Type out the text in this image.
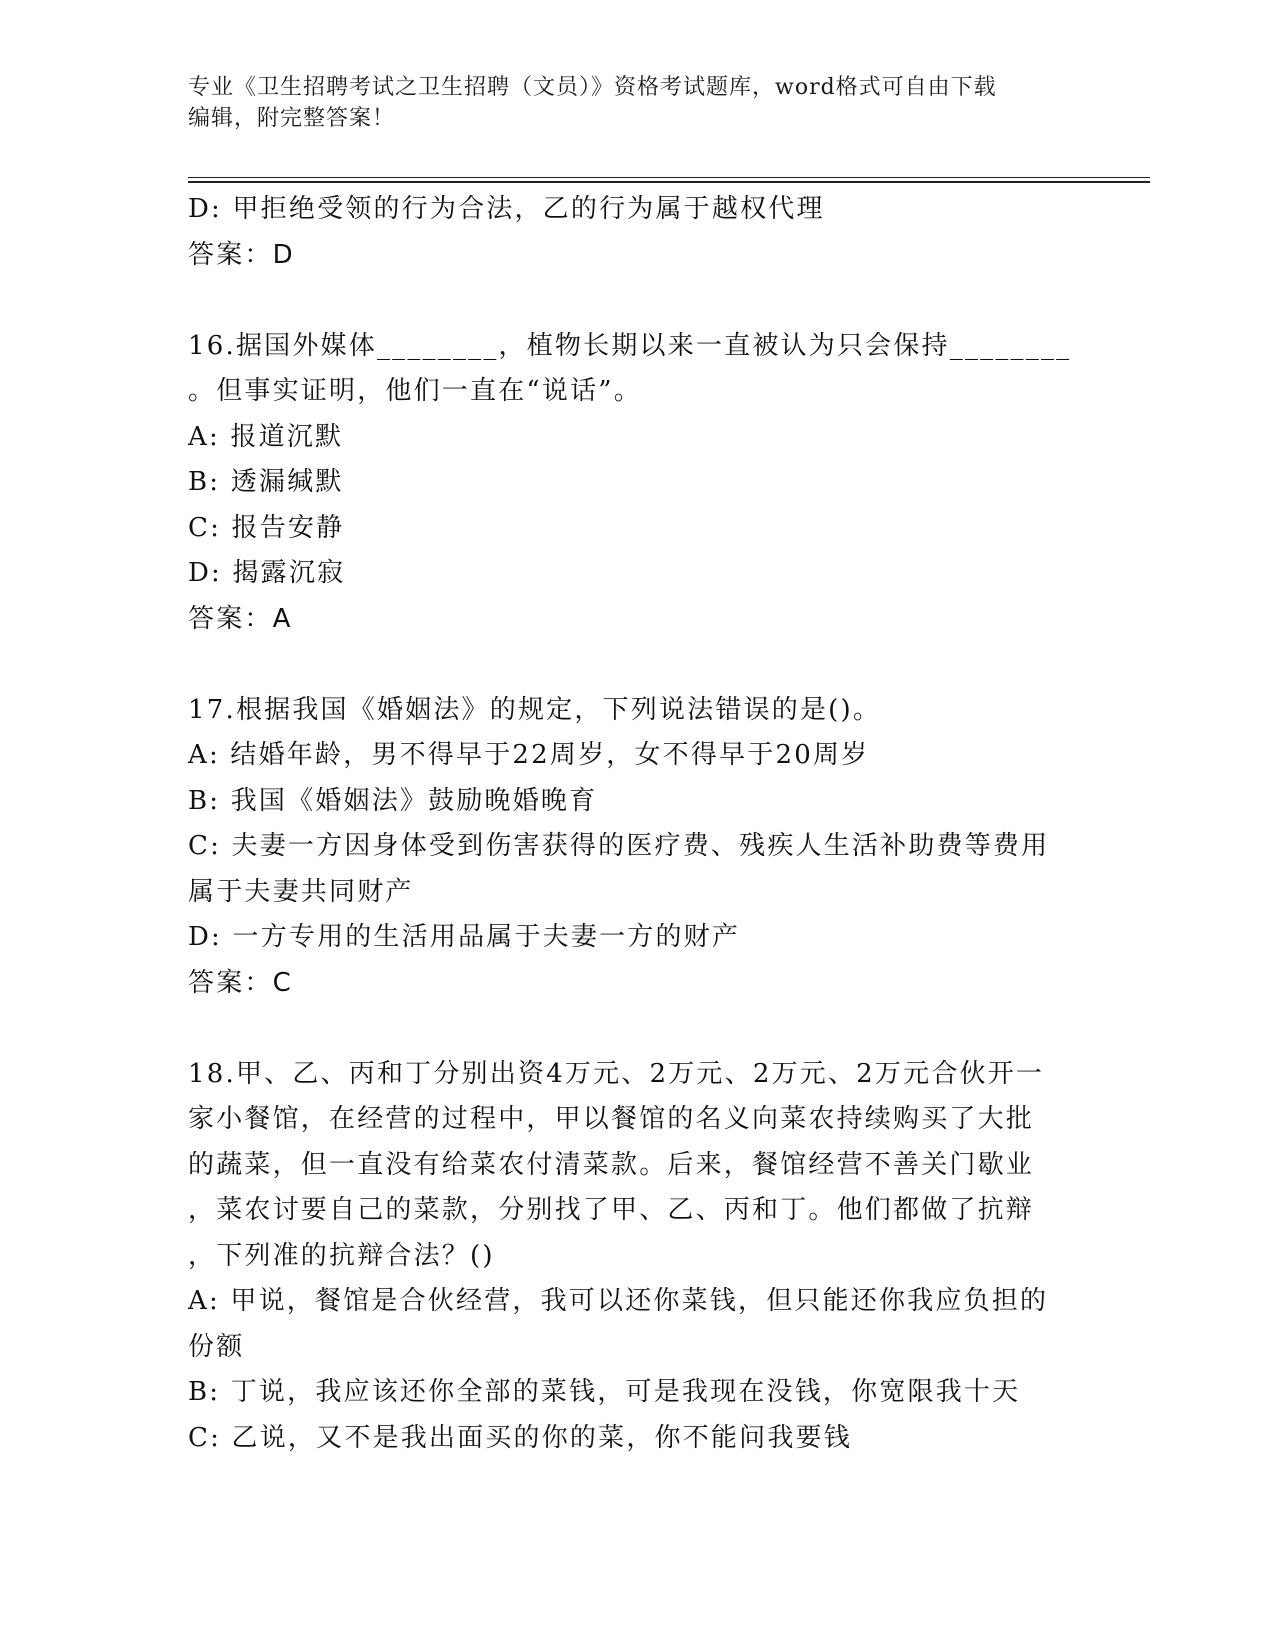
专业《卫生招聘考试之卫生招聘（文员）》资格考试题库，word格式可自由下载
编辑，附完整答案！
D: 甲拒绝受领的行为合法，乙的行为属于越权代理
答案：D
16.据国外媒体________，植物长期以来一直被认为只会保持________
。但事实证明，他们一直在“说话”。
A: 报道沉默
B: 透漏缄默
C: 报告安静
D: 揭露沉寂
答案：A
17.根据我国《婚姻法》的规定，下列说法错误的是()。
A: 结婚年龄，男不得早于22周岁，女不得早于20周岁
B: 我国《婚姻法》鼓励晚婚晚育
C: 夫妻一方因身体受到伤害获得的医疗费、残疾人生活补助费等费用
属于夫妻共同财产
D: 一方专用的生活用品属于夫妻一方的财产
答案：C
18.甲、乙、丙和丁分别出资4万元、2万元、2万元、2万元合伙开一
家小餐馆，在经营的过程中，甲以餐馆的名义向菜农持续购买了大批
的蔬菜，但一直没有给菜农付清菜款。后来，餐馆经营不善关门歇业
，菜农讨要自己的菜款，分别找了甲、乙、丙和丁。他们都做了抗辩
，下列准的抗辩合法？()
A: 甲说，餐馆是合伙经营，我可以还你菜钱，但只能还你我应负担的
份额
B: 丁说，我应该还你全部的菜钱，可是我现在没钱，你宽限我十天
C: 乙说，又不是我出面买的你的菜，你不能问我要钱
